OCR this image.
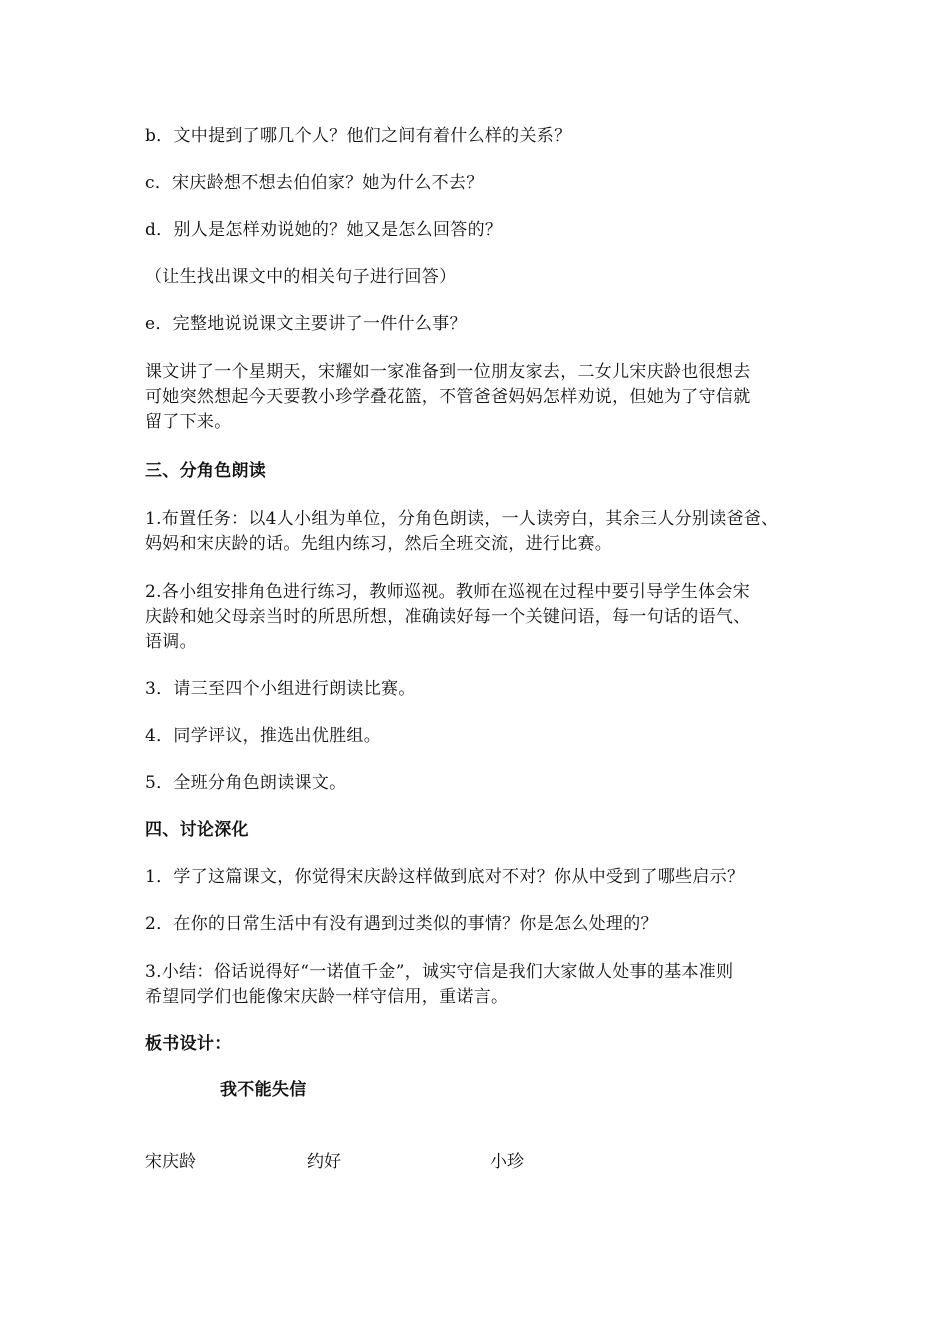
b．文中提到了哪几个人？他们之间有着什么样的关系？
c．宋庆龄想不想去伯伯家？她为什么不去？
d．别人是怎样劝说她的？她又是怎么回答的？
（让生找出课文中的相关句子进行回答）
e．完整地说说课文主要讲了一件什么事？
课文讲了一个星期天，宋耀如一家准备到一位朋友家去，二女儿宋庆龄也很想去
可她突然想起今天要教小珍学叠花篮，不管爸爸妈妈怎样劝说，但她为了守信就
留了下来。
三、分角色朗读
1.布置任务：以4人小组为单位，分角色朗读，一人读旁白，其余三人分别读爸爸、
妈妈和宋庆龄的话。先组内练习，然后全班交流，进行比赛。
2.各小组安排角色进行练习，教师巡视。教师在巡视在过程中要引导学生体会宋
庆龄和她父母亲当时的所思所想，准确读好每一个关键问语，每一句话的语气、
语调。
3．请三至四个小组进行朗读比赛。
4．同学评议，推选出优胜组。
5．全班分角色朗读课文。
四、讨论深化
1．学了这篇课文，你觉得宋庆龄这样做到底对不对？你从中受到了哪些启示？
2．在你的日常生活中有没有遇到过类似的事情？你是怎么处理的？
3.小结：俗话说得好“一诺值千金”，诚实守信是我们大家做人处事的基本准则
希望同学们也能像宋庆龄一样守信用，重诺言。
板书设计：
我不能失信
宋庆龄	约好	小珍
